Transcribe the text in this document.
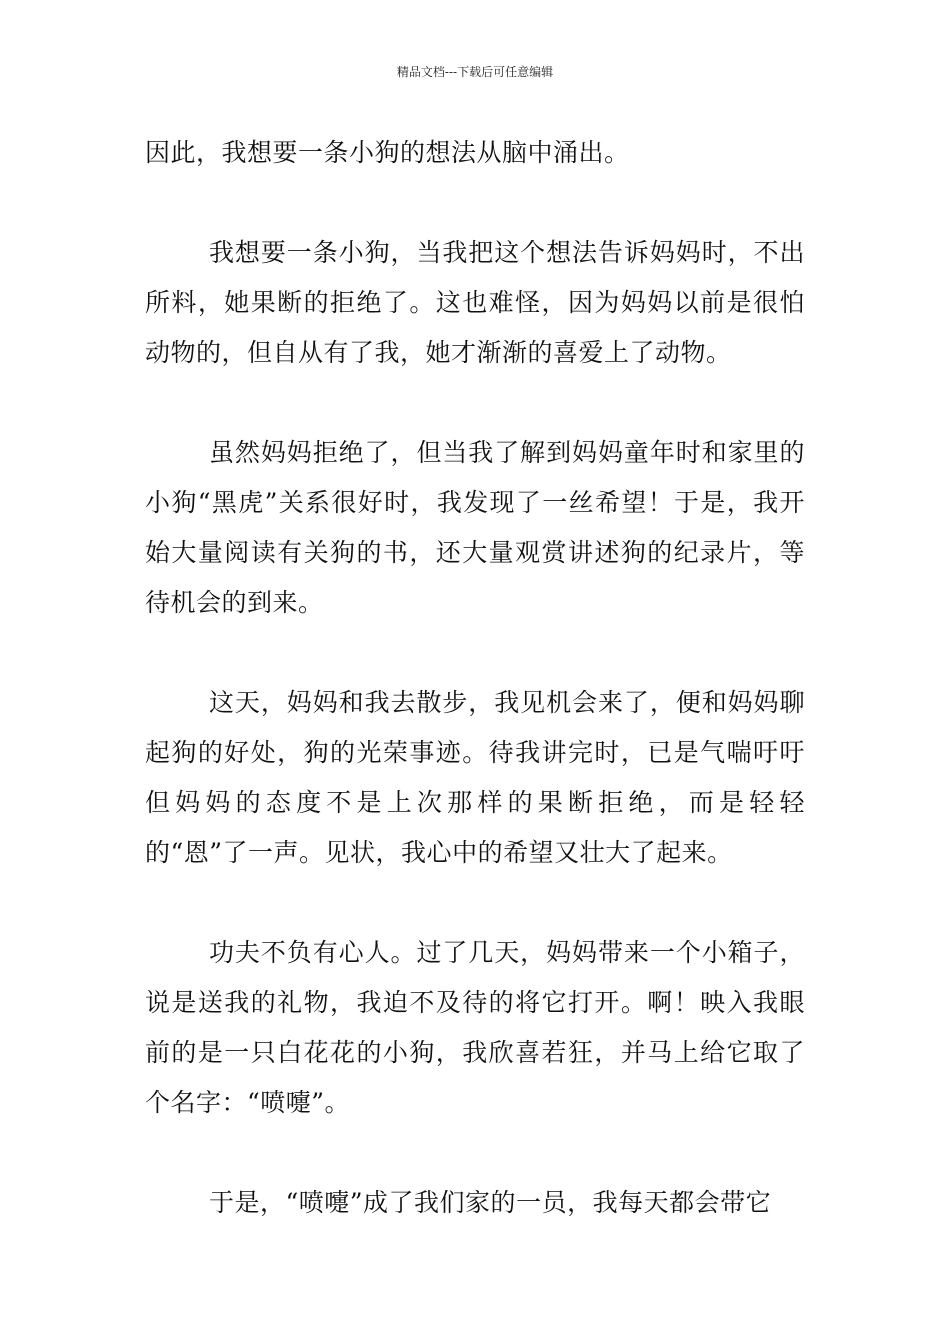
精品文档---下载后可任意编辑

因此，我想要一条小狗的想法从脑中涌出。

我想要一条小狗，当我把这个想法告诉妈妈时，不出所料，她果断的拒绝了。这也难怪，因为妈妈以前是很怕动物的，但自从有了我，她才渐渐的喜爱上了动物。

虽然妈妈拒绝了，但当我了解到妈妈童年时和家里的小狗“黑虎”关系很好时，我发现了一丝希望！于是，我开始大量阅读有关狗的书，还大量观赏讲述狗的纪录片，等待机会的到来。

这天，妈妈和我去散步，我见机会来了，便和妈妈聊起狗的好处，狗的光荣事迹。待我讲完时，已是气喘吁吁但妈妈的态度不是上次那样的果断拒绝，而是轻轻的“恩”了一声。见状，我心中的希望又壮大了起来。

功夫不负有心人。过了几天，妈妈带来一个小箱子，说是送我的礼物，我迫不及待的将它打开。啊！映入我眼前的是一只白花花的小狗，我欣喜若狂，并马上给它取了个名字：“喷嚏”。

于是，“喷嚏”成了我们家的一员，我每天都会带它
